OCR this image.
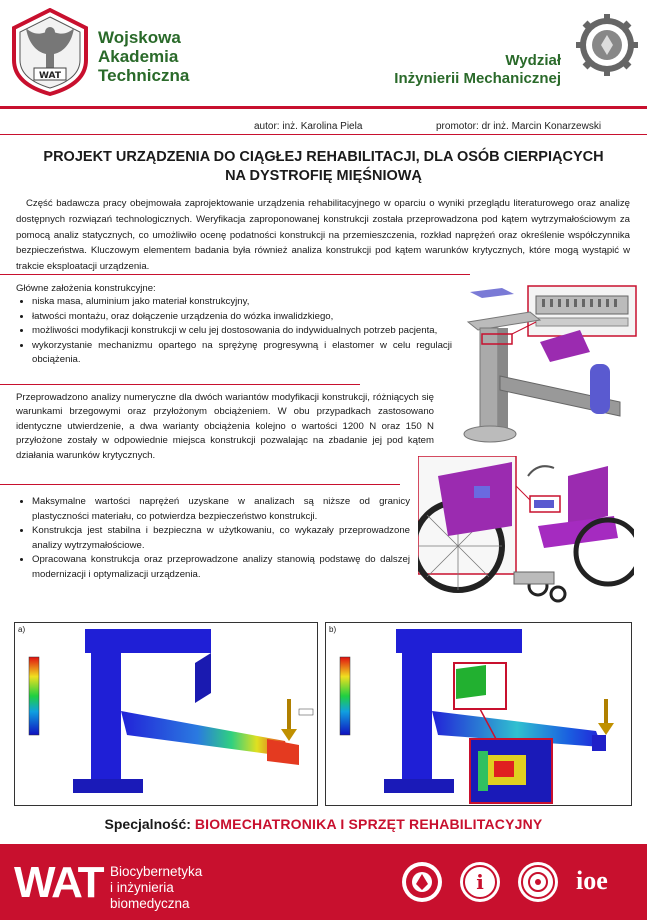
WAT
Wojskowa
Akademia
Techniczna
Wydział
Inżynierii Mechanicznej
autor: inż. Karolina Piela	promotor: dr inż. Marcin Konarzewski
PROJEKT URZĄDZENIA DO CIĄGŁEJ REHABILITACJI, DLA OSÓB CIERPIĄCYCH
NA DYSTROFIĘ MIĘŚNIOWĄ
Część badawcza pracy obejmowała zaprojektowanie urządzenia rehabilitacyjnego w oparciu o wyniki przeglądu literaturowego oraz analizę dostępnych rozwiązań technologicznych. Weryfikacja zaproponowanej konstrukcji została przeprowadzona pod kątem wytrzymałościowym za pomocą analiz statycznych, co umożliwiło ocenę podatności konstrukcji na przemieszczenia, rozkład naprężeń oraz określenie współczynnika bezpieczeństwa. Kluczowym elementem badania była również analiza konstrukcji pod kątem warunków krytycznych, które mogą wystąpić w trakcie eksploatacji urządzenia.
Główne założenia konstrukcyjne:
• niska masa, aluminium jako materiał konstrukcyjny,
• łatwości montażu, oraz dołączenie urządzenia do wózka inwalidzkiego,
• możliwości modyfikacji konstrukcji w celu jej dostosowania do indywidualnych potrzeb pacjenta,
• wykorzystanie mechanizmu opartego na sprężynę progresywną i elastomer w celu regulacji obciążenia.
Przeprowadzono analizy numeryczne dla dwóch wariantów modyfikacji konstrukcji, różniących się warunkami brzegowymi oraz przyłożonym obciążeniem. W obu przypadkach zastosowano identyczne utwierdzenie, a dwa warianty obciążenia kolejno o wartości 1200 N oraz 150 N przyłożone zostały w odpowiednie miejsca konstrukcji pozwalając na zbadanie jej pod kątem działania warunków krytycznych.
• Maksymalne wartości naprężeń uzyskane w analizach są niższe od granicy plastyczności materiału, co potwierdza bezpieczeństwo konstrukcji.
• Konstrukcja jest stabilna i bezpieczna w użytkowaniu, co wykazały przeprowadzone analizy wytrzymałościowe.
• Opracowana konstrukcja oraz przeprowadzone analizy stanowią podstawę do dalszej modernizacji i optymalizacji urządzenia.
a)	b)
Specjalność: BIOMECHATRONIKA I SPRZĘT REHABILITACYJNY
WAT Biocybernetyka
i inżynieria
biomedyczna
i	ioe
